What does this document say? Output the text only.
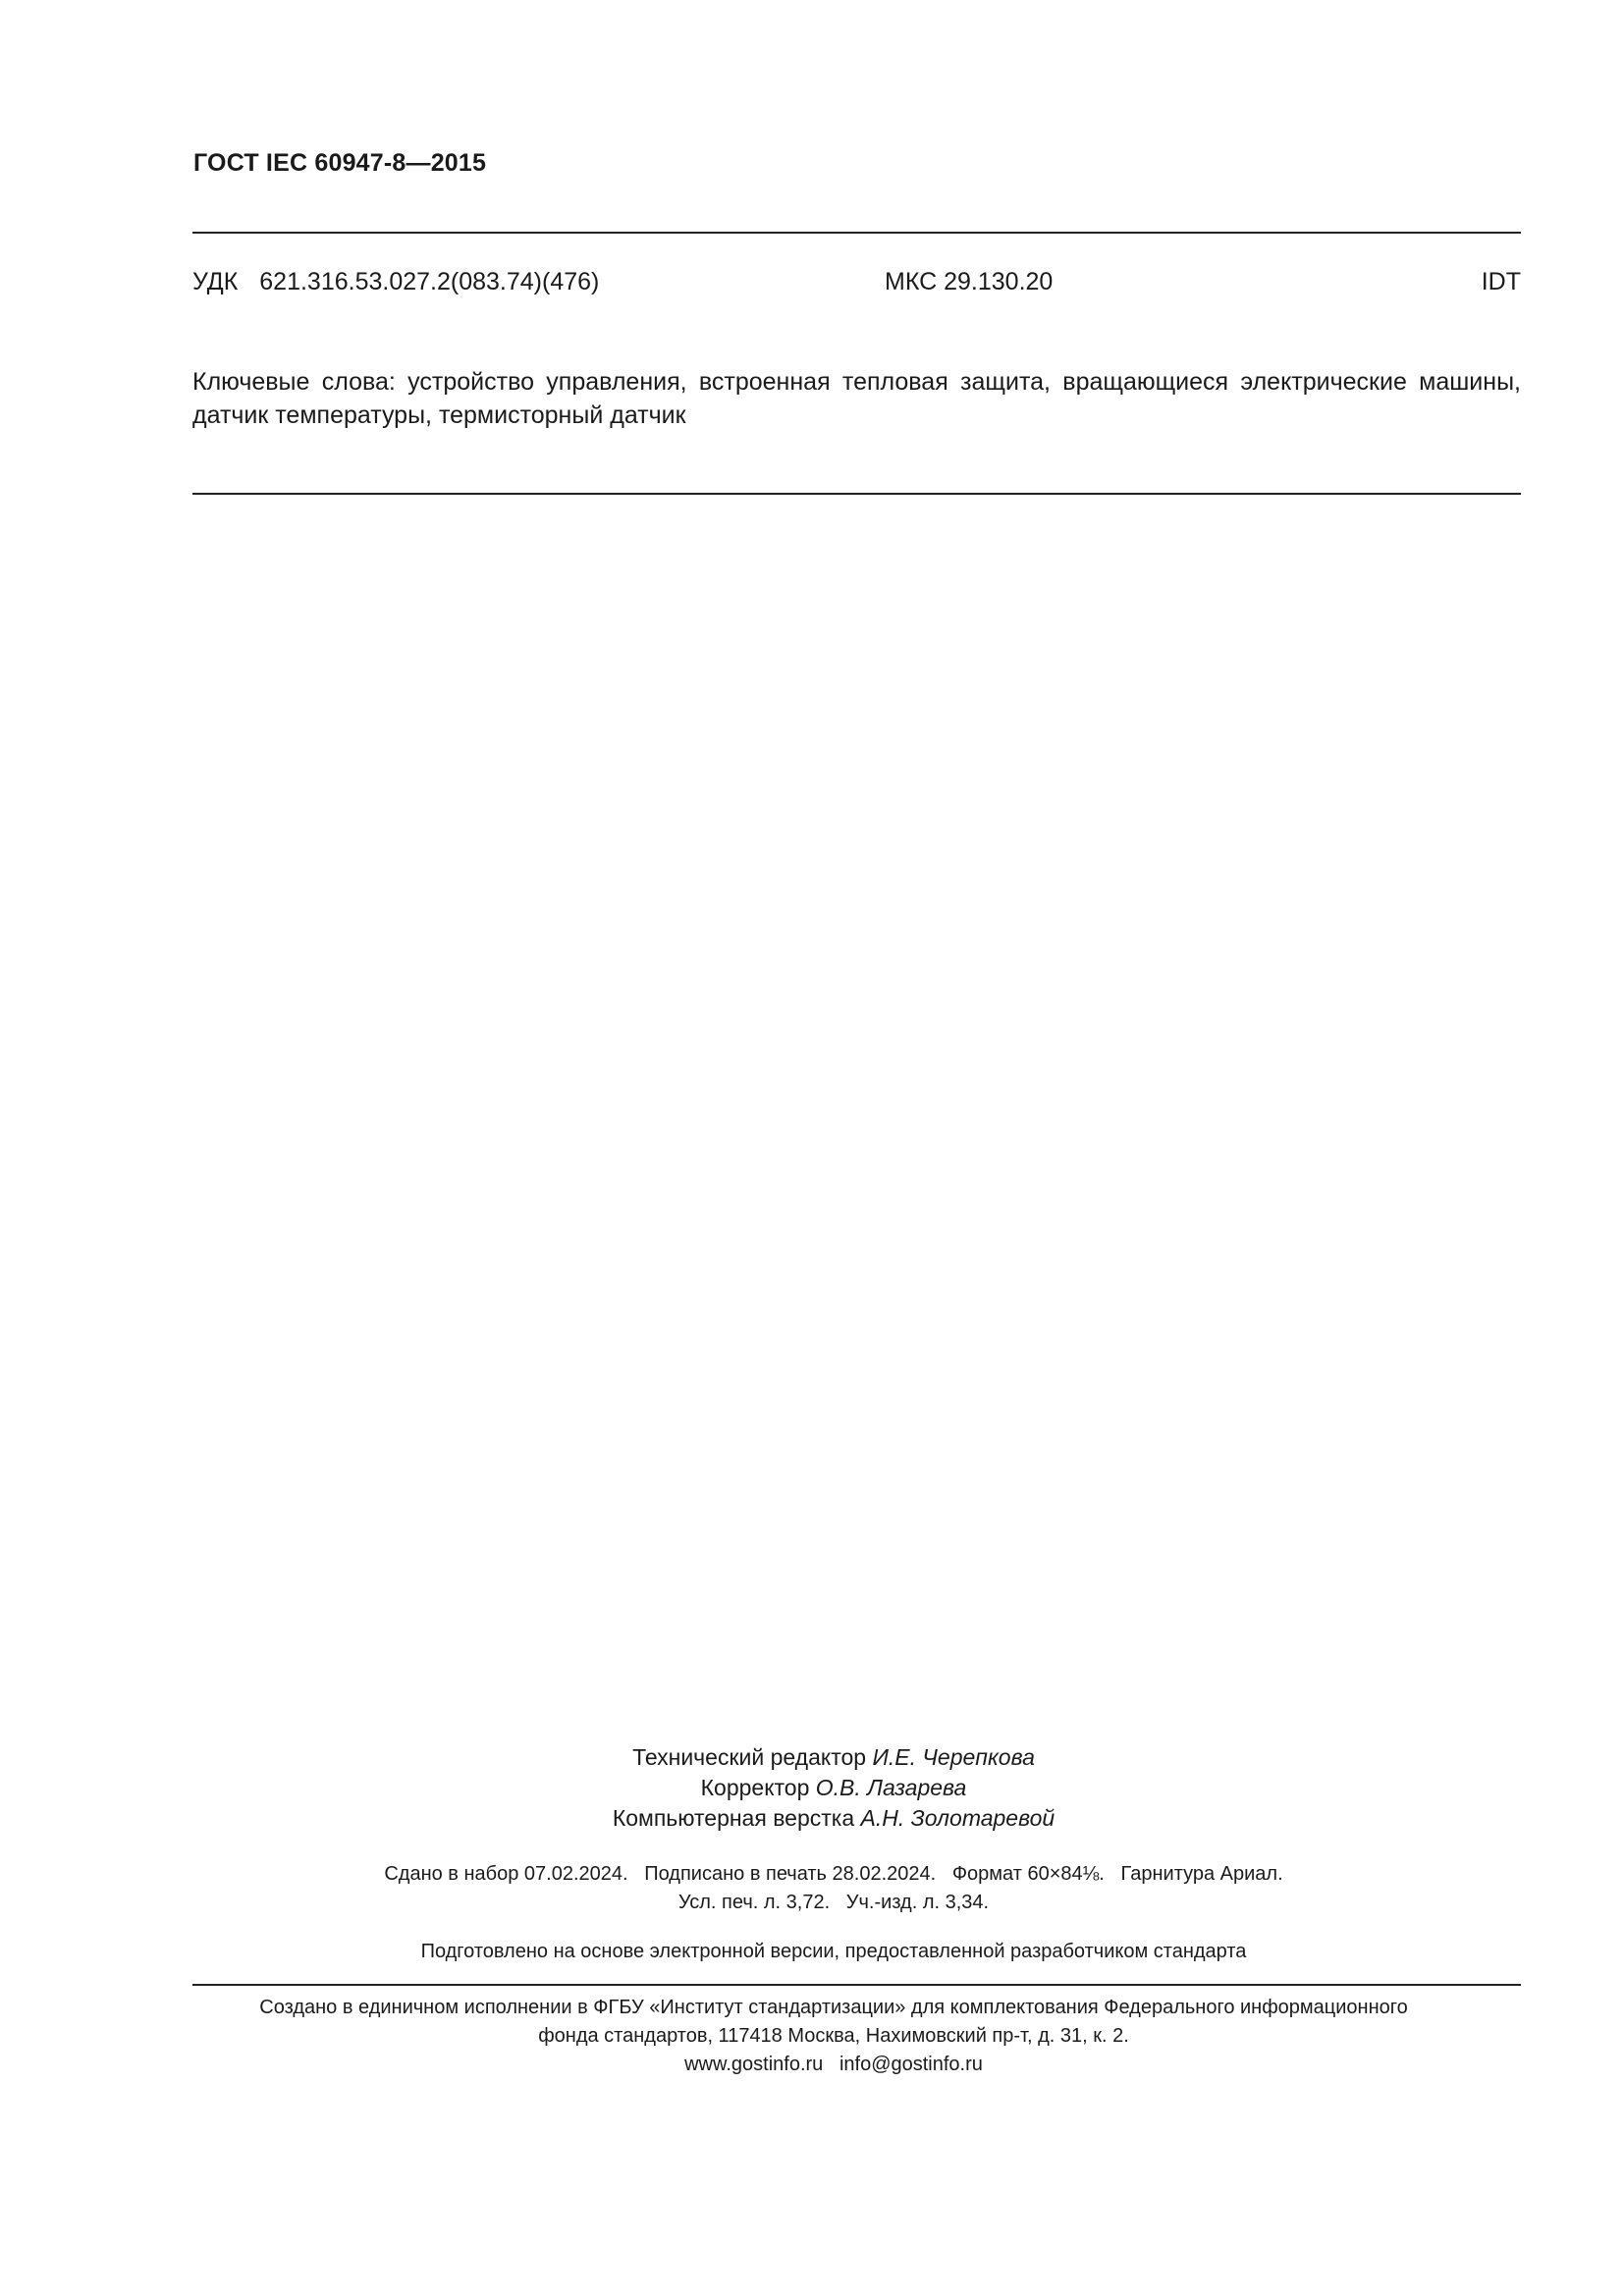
ГОСТ IEC 60947-8—2015
УДК 621.316.53.027.2(083.74)(476)	МКС 29.130.20	IDT
Ключевые слова: устройство управления, встроенная тепловая защита, вращающиеся электрические машины, датчик температуры, термисторный датчик
Технический редактор И.Е. Черепкова
Корректор О.В. Лазарева
Компьютерная верстка А.Н. Золотаревой
Сдано в набор 07.02.2024.   Подписано в печать 28.02.2024.   Формат 60×84⅛.   Гарнитура Ариал.
Усл. печ. л. 3,72.   Уч.-изд. л. 3,34.
Подготовлено на основе электронной версии, предоставленной разработчиком стандарта
Создано в единичном исполнении в ФГБУ «Институт стандартизации» для комплектования Федерального информационного
фонда стандартов, 117418 Москва, Нахимовский пр-т, д. 31, к. 2.
www.gostinfo.ru   info@gostinfo.ru
